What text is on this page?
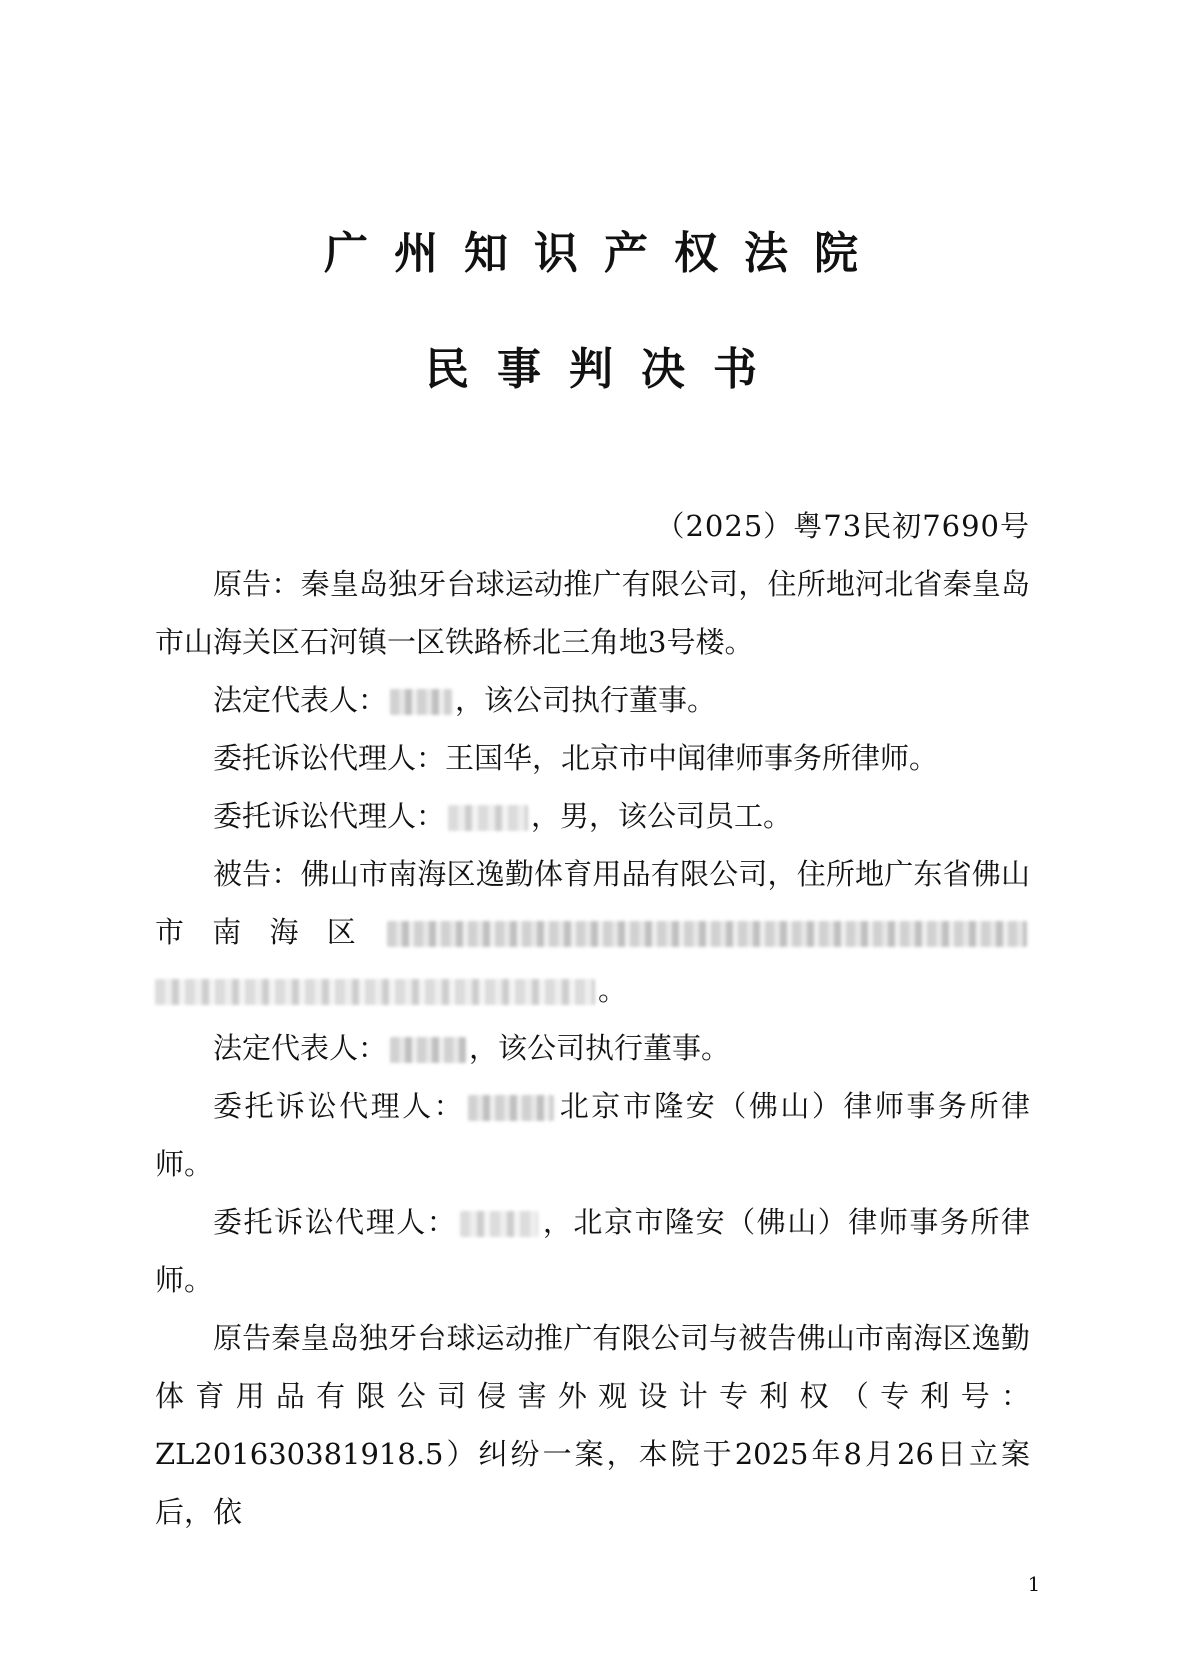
广州知识产权法院
民事判决书
（2025）粤73民初7690号

原告：秦皇岛独牙台球运动推广有限公司，住所地河北省秦皇岛市山海关区石河镇一区铁路桥北三角地3号楼。

法定代表人： ，该公司执行董事。

委托诉讼代理人：王国华，北京市中闻律师事务所律师。

委托诉讼代理人：	，男，该公司员工。

被告：佛山市南海区逸勤体育用品有限公司，住所地广东省佛山市南海区。

法定代表人：	，该公司执行董事。

委托诉讼代理人：	北京市隆安（佛山）律师事务所律师。

委托诉讼代理人：	，北京市隆安（佛山）律师事务所律师。

原告秦皇岛独牙台球运动推广有限公司与被告佛山市南海区逸勤体育用品有限公司侵害外观设计专利权（专利号：ZL201630381918.5）纠纷一案，本院于2025年8月26日立案后，依

1
